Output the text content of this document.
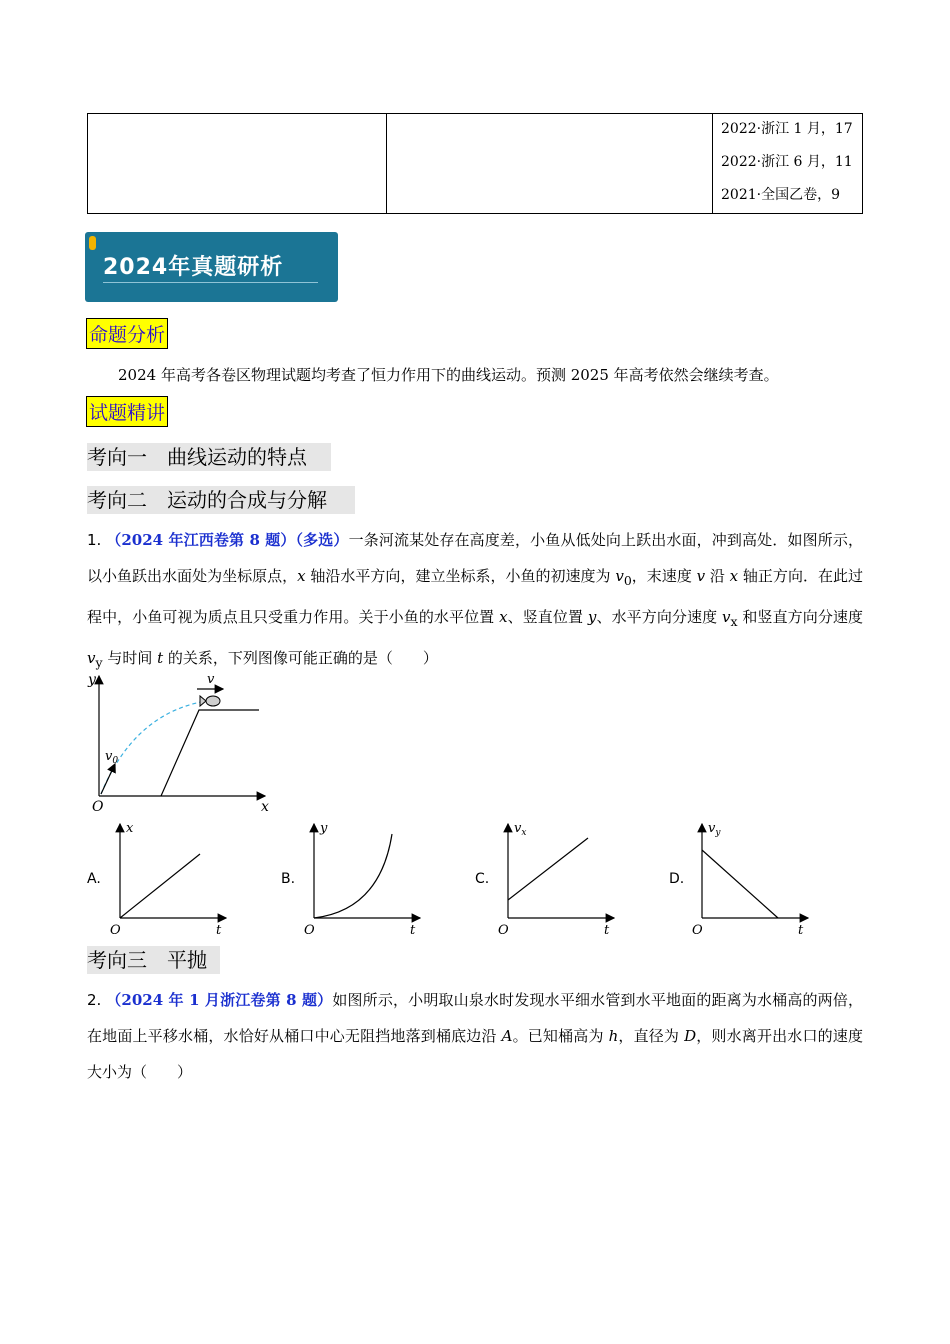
2022·浙江 1 月，17
2022·浙江 6 月，11
2021·全国乙卷，9
2024年真题研析
命题分析
2024 年高考各卷区物理试题均考查了恒力作用下的曲线运动。预测 2025 年高考依然会继续考查。
试题精讲
考向一　曲线运动的特点
考向二　运动的合成与分解
1. （2024 年江西卷第 8 题）（多选）一条河流某处存在高度差，小鱼从低处向上跃出水面，冲到高处．如图所示，以小鱼跃出水面处为坐标原点，x 轴沿水平方向，建立坐标系，小鱼的初速度为 $v_0$，末速度 v 沿 x 轴正方向．在此过程中，小鱼可视为质点且只受重力作用。关于小鱼的水平位置 x、竖直位置 y、水平方向分速度 $v_x$ 和竖直方向分速度 $v_y$ 与时间 t 的关系，下列图像可能正确的是（　　）
y
x
O
$v_0$
v
A.	B.	C.	D.
x
t
O
y
t
O
$v_x$
t
O
$v_y$
t
O
考向三　平抛
2. （2024 年 1 月浙江卷第 8 题）如图所示，小明取山泉水时发现水平细水管到水平地面的距离为水桶高的两倍，在地面上平移水桶，水恰好从桶口中心无阻挡地落到桶底边沿 A。已知桶高为 h，直径为 D，则水离开出水口的速度大小为（　　）
